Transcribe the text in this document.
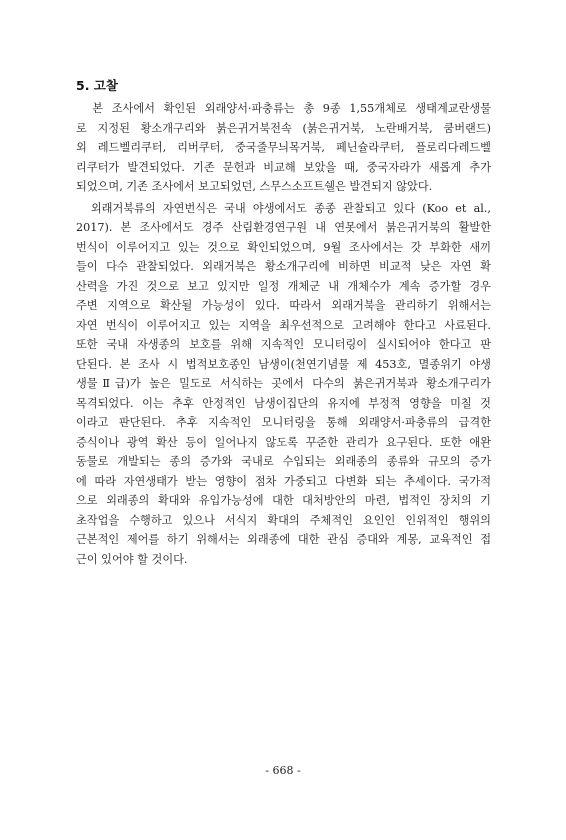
5. 고찰

　본 조사에서 확인된 외래양서·파충류는 총 9종 1,55개체로 생태계교란생물
로 지정된 황소개구리와 붉은귀거북전속 (붉은귀거북, 노란배거북, 쿰버랜드)
외 레드벨리쿠터, 리버쿠터, 중국줄무늬목거북, 페닌슐라쿠터, 플로리다레드벨
리쿠터가 발견되었다. 기존 문헌과 비교해 보았을 때, 중국자라가 새롭게 추가
되었으며, 기존 조사에서 보고되었던, 스무스소프트쉘은 발견되지 않았다.

　외래거북류의 자연번식은 국내 야생에서도 종종 관찰되고 있다 (Koo et al.,
2017). 본 조사에서도 경주 산림환경연구원 내 연못에서 붉은귀거북의 활발한
번식이 이루어지고 있는 것으로 확인되었으며, 9월 조사에서는 갓 부화한 새끼
들이 다수 관찰되었다. 외래거북은 황소개구리에 비하면 비교적 낮은 자연 확
산력을 가진 것으로 보고 있지만 일정 개체군 내 개체수가 계속 증가할 경우
주변 지역으로 확산될 가능성이 있다. 따라서 외래거북을 관리하기 위해서는
자연 번식이 이루어지고 있는 지역을 최우선적으로 고려해야 한다고 사료된다.
또한 국내 자생종의 보호를 위해 지속적인 모니터링이 실시되어야 한다고 판
단된다. 본 조사 시 법적보호종인 남생이(천연기념물 제 453호, 멸종위기 야생
생물Ⅱ급)가 높은 밀도로 서식하는 곳에서 다수의 붉은귀거북과 황소개구리가
목격되었다. 이는 추후 안정적인 남생이집단의 유지에 부정적 영향을 미칠 것
이라고 판단된다. 추후 지속적인 모니터링을 통해 외래양서·파충류의 급격한
증식이나 광역 확산 등이 일어나지 않도록 꾸준한 관리가 요구된다. 또한 애완
동물로 개발되는 종의 증가와 국내로 수입되는 외래종의 종류와 규모의 증가
에 따라 자연생태가 받는 영향이 점차 가중되고 다변화 되는 추세이다. 국가적
으로 외래종의 확대와 유입가능성에 대한 대처방안의 마련, 법적인 장치의 기
초작업을 수행하고 있으나 서식지 확대의 주체적인 요인인 인위적인 행위의
근본적인 제어를 하기 위해서는 외래종에 대한 관심 증대와 계몽, 교육적인 접
근이 있어야 할 것이다.

- 668 -
